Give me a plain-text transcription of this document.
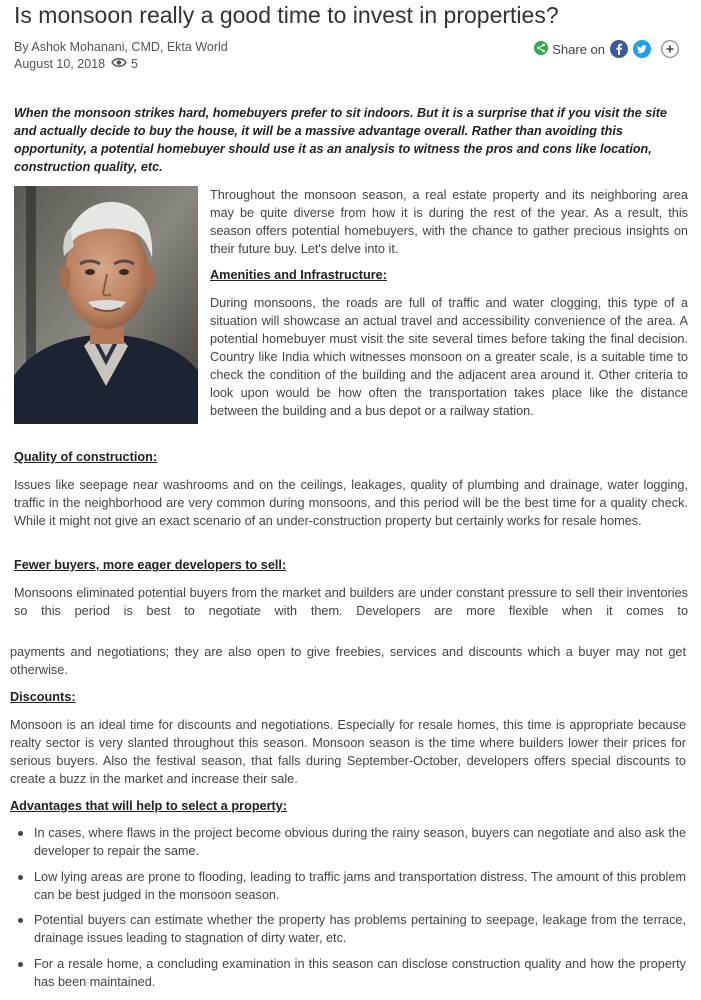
Is monsoon really a good time to invest in properties?
By Ashok Mohanani, CMD, Ekta World
August 10, 2018 5
Share on

When the monsoon strikes hard, homebuyers prefer to sit indoors. But it is a surprise that if you visit the site and actually decide to buy the house, it will be a massive advantage overall. Rather than avoiding this opportunity, a potential homebuyer should use it as an analysis to witness the pros and cons like location, construction quality, etc.

Throughout the monsoon season, a real estate property and its neighboring area may be quite diverse from how it is during the rest of the year. As a result, this season offers potential homebuyers, with the chance to gather precious insights on their future buy. Let's delve into it.

Amenities and Infrastructure:

During monsoons, the roads are full of traffic and water clogging, this type of a situation will showcase an actual travel and accessibility convenience of the area. A potential homebuyer must visit the site several times before taking the final decision. Country like India which witnesses monsoon on a greater scale, is a suitable time to check the condition of the building and the adjacent area around it. Other criteria to look upon would be how often the transportation takes place like the distance between the building and a bus depot or a railway station.

Quality of construction:

Issues like seepage near washrooms and on the ceilings, leakages, quality of plumbing and drainage, water logging, traffic in the neighborhood are very common during monsoons, and this period will be the best time for a quality check. While it might not give an exact scenario of an under-construction property but certainly works for resale homes.

Fewer buyers, more eager developers to sell:

Monsoons eliminated potential buyers from the market and builders are under constant pressure to sell their inventories so this period is best to negotiate with them. Developers are more flexible when it comes to

payments and negotiations; they are also open to give freebies, services and discounts which a buyer may not get otherwise.

Discounts:

Monsoon is an ideal time for discounts and negotiations. Especially for resale homes, this time is appropriate because realty sector is very slanted throughout this season. Monsoon season is the time where builders lower their prices for serious buyers. Also the festival season, that falls during September-October, developers offers special discounts to create a buzz in the market and increase their sale.

Advantages that will help to select a property:
In cases, where flaws in the project become obvious during the rainy season, buyers can negotiate and also ask the developer to repair the same.
Low lying areas are prone to flooding, leading to traffic jams and transportation distress. The amount of this problem can be best judged in the monsoon season.
Potential buyers can estimate whether the property has problems pertaining to seepage, leakage from the terrace, drainage issues leading to stagnation of dirty water, etc.
For a resale home, a concluding examination in this season can disclose construction quality and how the property has been maintained.
